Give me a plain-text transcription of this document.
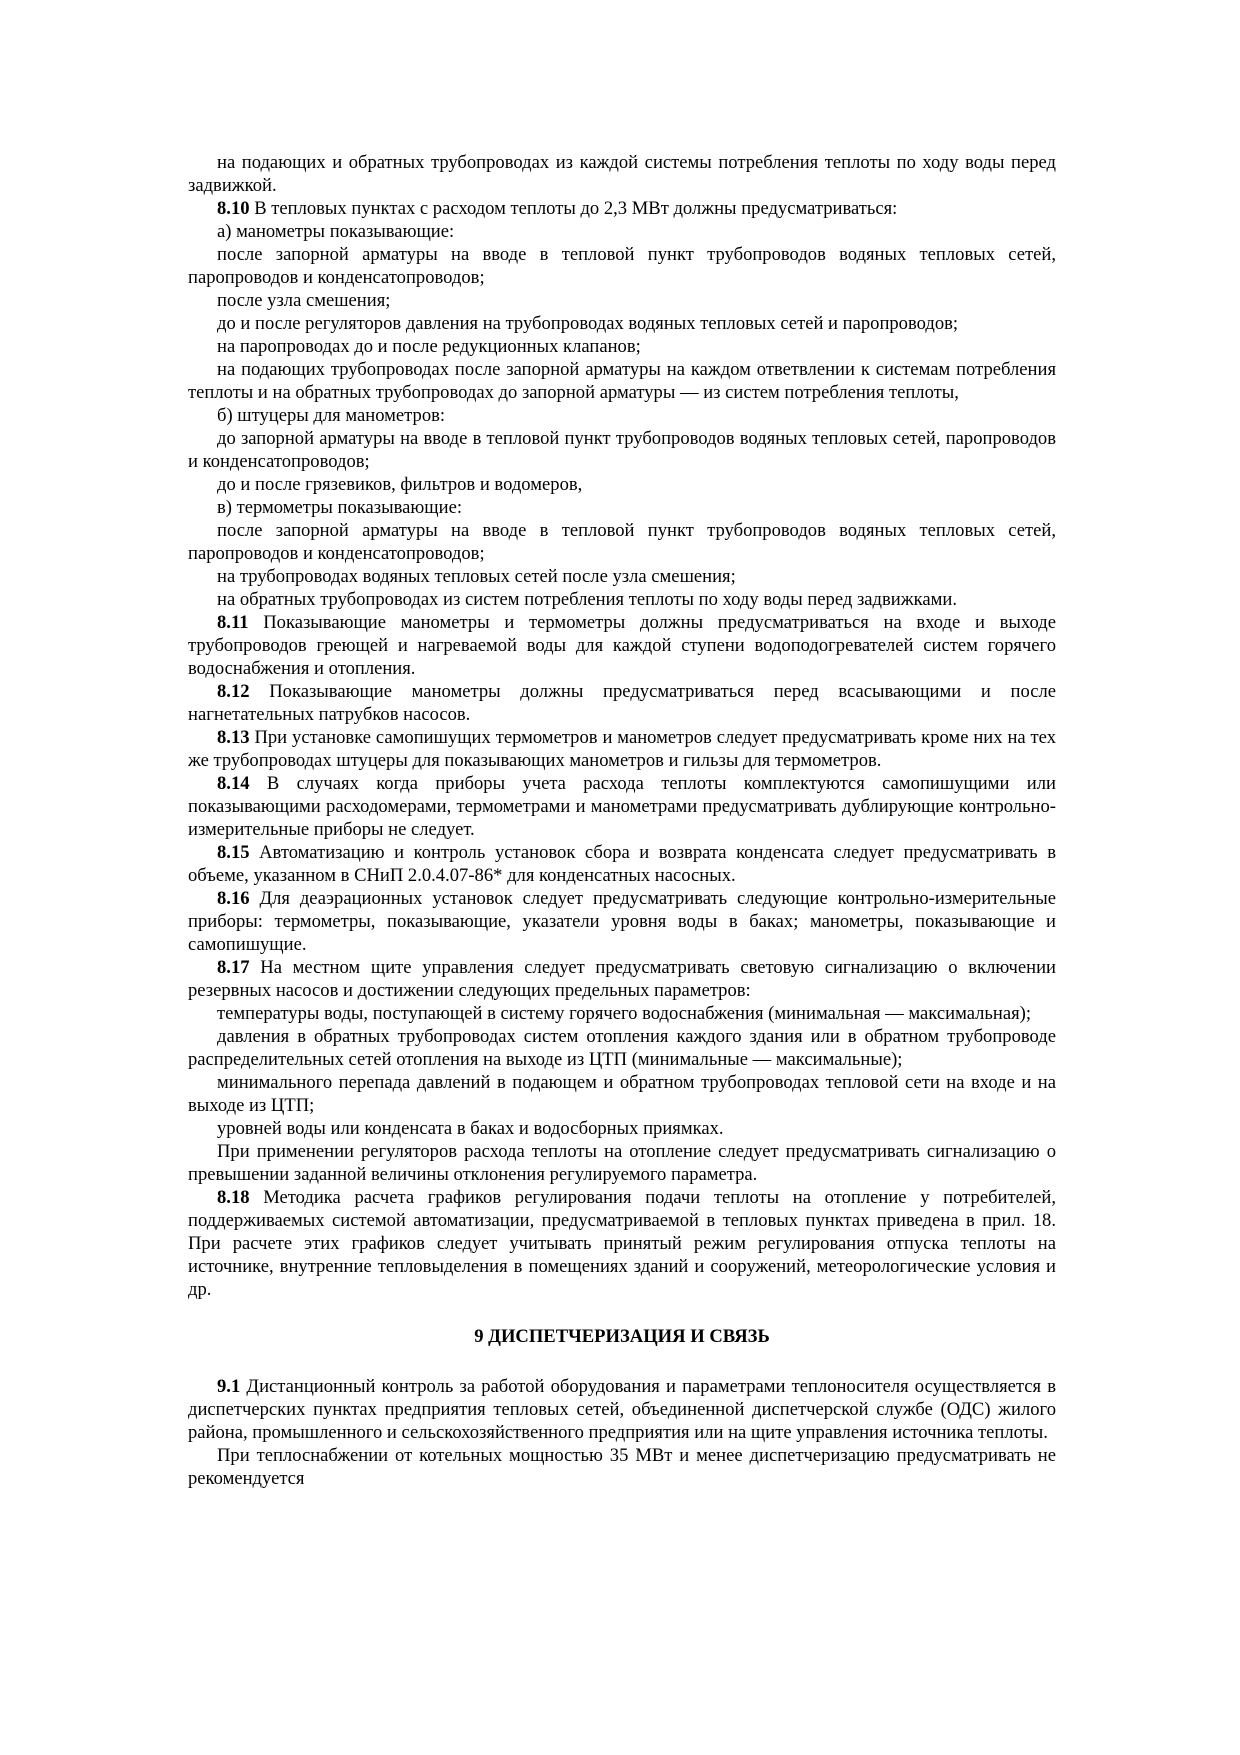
на подающих и обратных трубопроводах из каждой системы потребления теплоты по ходу воды перед задвижкой.

8.10 В тепловых пунктах с расходом теплоты до 2,3 МВт должны предусматриваться:

а) манометры показывающие:

после запорной арматуры на вводе в тепловой пункт трубопроводов водяных тепловых сетей, паропроводов и конденсатопроводов;

после узла смешения;

до и после регуляторов давления на трубопроводах водяных тепловых сетей и паропроводов;

на паропроводах до и после редукционных клапанов;

на подающих трубопроводах после запорной арматуры на каждом ответвлении к системам потребления теплоты и на обратных трубопроводах до запорной арматуры — из систем потребления теплоты,

б) штуцеры для манометров:

до запорной арматуры на вводе в тепловой пункт трубопроводов водяных тепловых сетей, паропроводов и конденсатопроводов;

до и после грязевиков, фильтров и водомеров,

в) термометры показывающие:

после запорной арматуры на вводе в тепловой пункт трубопроводов водяных тепловых сетей, паропроводов и конденсатопроводов;

на трубопроводах водяных тепловых сетей после узла смешения;

на обратных трубопроводах из систем потребления теплоты по ходу воды перед задвижками.

8.11 Показывающие манометры и термометры должны предусматриваться на входе и выходе трубопроводов греющей и нагреваемой воды для каждой ступени водоподогревателей систем горячего водоснабжения и отопления.

8.12 Показывающие манометры должны предусматриваться перед всасывающими и после нагнетательных патрубков насосов.

8.13 При установке самопишущих термометров и манометров следует предусматривать кроме них на тех же трубопроводах штуцеры для показывающих манометров и гильзы для термометров.

8.14 В случаях когда приборы учета расхода теплоты комплектуются самопишущими или показывающими расходомерами, термометрами и манометрами предусматривать дублирующие контрольно-измерительные приборы не следует.

8.15 Автоматизацию и контроль установок сбора и возврата конденсата следует предусматривать в объеме, указанном в СНиП 2.0.4.07-86* для конденсатных насосных.

8.16 Для деаэрационных установок следует предусматривать следующие контрольно-измерительные приборы: термометры, показывающие, указатели уровня воды в баках; манометры, показывающие и самопишущие.

8.17 На местном щите управления следует предусматривать световую сигнализацию о включении резервных насосов и достижении следующих предельных параметров:

температуры воды, поступающей в систему горячего водоснабжения (минимальная — максимальная);

давления в обратных трубопроводах систем отопления каждого здания или в обратном трубопроводе распределительных сетей отопления на выходе из ЦТП (минимальные — максимальные);

минимального перепада давлений в подающем и обратном трубопроводах тепловой сети на входе и на выходе из ЦТП;

уровней воды или конденсата в баках и водосборных приямках.

При применении регуляторов расхода теплоты на отопление следует предусматривать сигнализацию о превышении заданной величины отклонения регулируемого параметра.

8.18 Методика расчета графиков регулирования подачи теплоты на отопление у потребителей, поддерживаемых системой автоматизации, предусматриваемой в тепловых пунктах приведена в прил. 18. При расчете этих графиков следует учитывать принятый режим регулирования отпуска теплоты на источнике, внутренние тепловыделения в помещениях зданий и сооружений, метеорологические условия и др.

9 ДИСПЕТЧЕРИЗАЦИЯ И СВЯЗЬ

9.1 Дистанционный контроль за работой оборудования и параметрами теплоносителя осуществляется в диспетчерских пунктах предприятия тепловых сетей, объединенной диспетчерской службе (ОДС) жилого района, промышленного и сельскохозяйственного предприятия или на щите управления источника теплоты.

При теплоснабжении от котельных мощностью 35 МВт и менее диспетчеризацию предусматривать не рекомендуется
